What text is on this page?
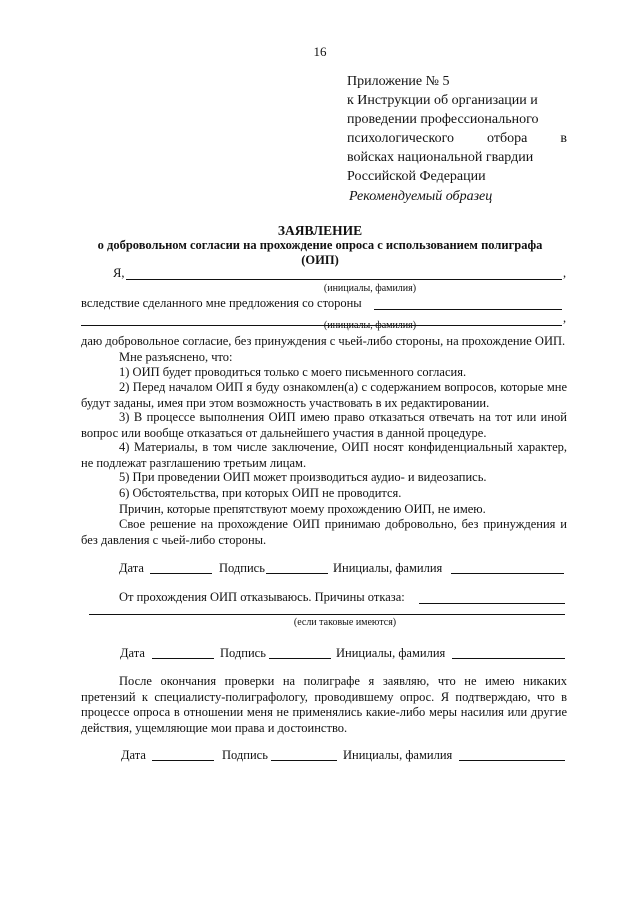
16
Приложение № 5
к Инструкции об организации и
проведении профессионального
психологического отбора в
войсках национальной гвардии
Российской Федерации
Рекомендуемый образец
ЗАЯВЛЕНИЕ
о добровольном согласии на прохождение опроса с использованием полиграфа (ОИП)
Я,	,
(инициалы, фамилия)
вследствие сделанного мне предложения со стороны
,
(инициалы, фамилия)
даю добровольное согласие, без принуждения с чьей-либо стороны, на прохождение ОИП.
Мне разъяснено, что:
1) ОИП будет проводиться только с моего письменного согласия.
2) Перед началом ОИП я буду ознакомлен(а) с содержанием вопросов, которые мне будут заданы, имея при этом возможность участвовать в их редактировании.
3) В процессе выполнения ОИП имею право отказаться отвечать на тот или иной вопрос или вообще отказаться от дальнейшего участия в данной процедуре.
4) Материалы, в том числе заключение, ОИП носят конфиденциальный характер, не подлежат разглашению третьим лицам.
5) При проведении ОИП может производиться аудио- и видеозапись.
6) Обстоятельства, при которых ОИП не проводится.
Причин, которые препятствуют моему прохождению ОИП, не имею.
Свое решение на прохождение ОИП принимаю добровольно, без принуждения и без давления с чьей-либо стороны.
Дата	Подпись	Инициалы, фамилия
От прохождения ОИП отказываюсь. Причины отказа:
(если таковые имеются)
Дата	Подпись	Инициалы, фамилия
После окончания проверки на полиграфе я заявляю, что не имею никаких претензий к специалисту-полиграфологу, проводившему опрос. Я подтверждаю, что в процессе опроса в отношении меня не применялись какие-либо меры насилия или другие действия, ущемляющие мои права и достоинство.
Дата	Подпись	Инициалы, фамилия
